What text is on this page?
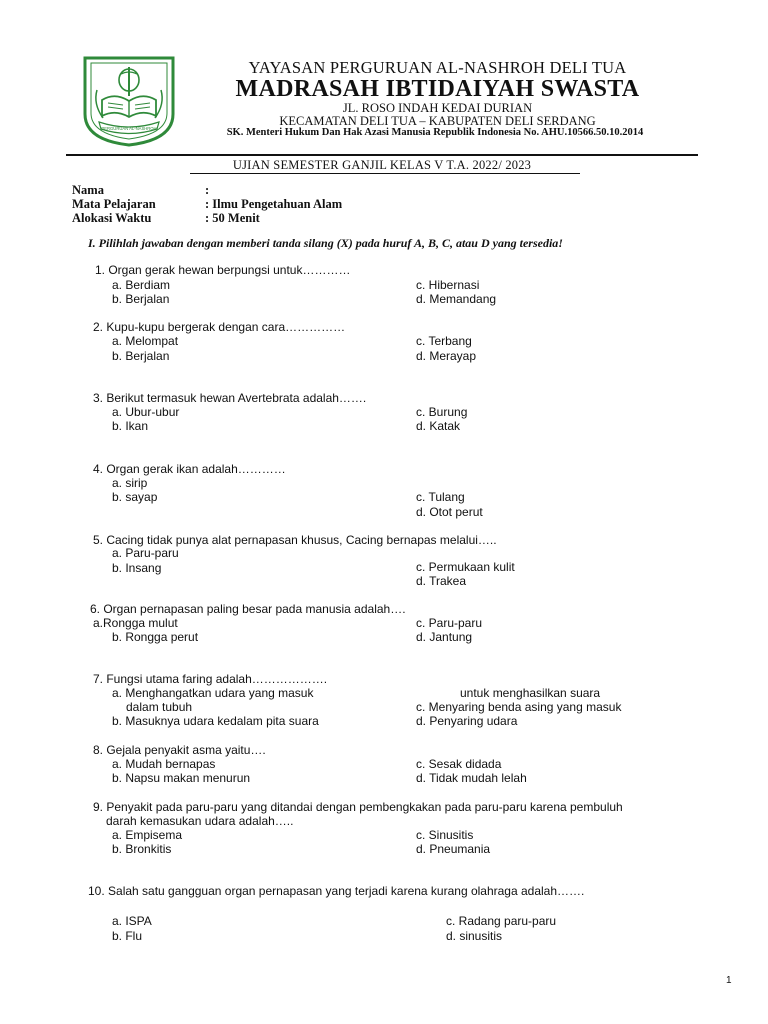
PERGURUAN AL-NASHROH
YAYASAN PERGURUAN AL-NASHROH DELI TUA
MADRASAH IBTIDAIYAH SWASTA
JL. ROSO INDAH KEDAI DURIAN
KECAMATAN DELI TUA – KABUPATEN DELI SERDANG
SK. Menteri Hukum Dan Hak Azasi Manusia Republik Indonesia No. AHU.10566.50.10.2014
UJIAN SEMESTER GANJIL KELAS V T.A. 2022/ 2023
Nama	:
Mata Pelajaran	: Ilmu Pengetahuan Alam
Alokasi Waktu	: 50 Menit
I. Pilihlah jawaban dengan memberi tanda silang (X) pada huruf A, B, C, atau D yang tersedia!
1. Organ gerak hewan berpungsi untuk…………
a. Berdiam	c. Hibernasi
b. Berjalan	d. Memandang
2. Kupu-kupu bergerak dengan cara……………
a. Melompat	c. Terbang
b. Berjalan	d. Merayap
3. Berikut termasuk hewan Avertebrata adalah…….
a. Ubur-ubur	c. Burung
b. Ikan	d. Katak
4. Organ gerak ikan adalah…………
a. sirip
b. sayap	c. Tulang
d. Otot perut
5. Cacing tidak punya alat pernapasan khusus, Cacing bernapas melalui…..
a. Paru-paru
b. Insang	c. Permukaan kulit
d. Trakea
6. Organ pernapasan paling besar pada manusia adalah….
a.Rongga mulut	c. Paru-paru
b. Rongga perut	d. Jantung
7. Fungsi utama faring adalah……………….
a. Menghangatkan udara yang masuk	untuk menghasilkan suara
dalam tubuh	c. Menyaring benda asing yang masuk
b. Masuknya udara kedalam pita suara	d. Penyaring udara
8. Gejala penyakit asma yaitu….
a. Mudah bernapas	c. Sesak didada
b. Napsu makan menurun	d. Tidak mudah lelah
9. Penyakit pada paru-paru yang ditandai dengan pembengkakan pada paru-paru karena pembuluh
darah kemasukan udara adalah…..
a. Empisema	c. Sinusitis
b. Bronkitis	d. Pneumania
10. Salah satu gangguan organ pernapasan yang terjadi karena kurang olahraga adalah…….
a. ISPA	c. Radang paru-paru
b. Flu	d. sinusitis
1
